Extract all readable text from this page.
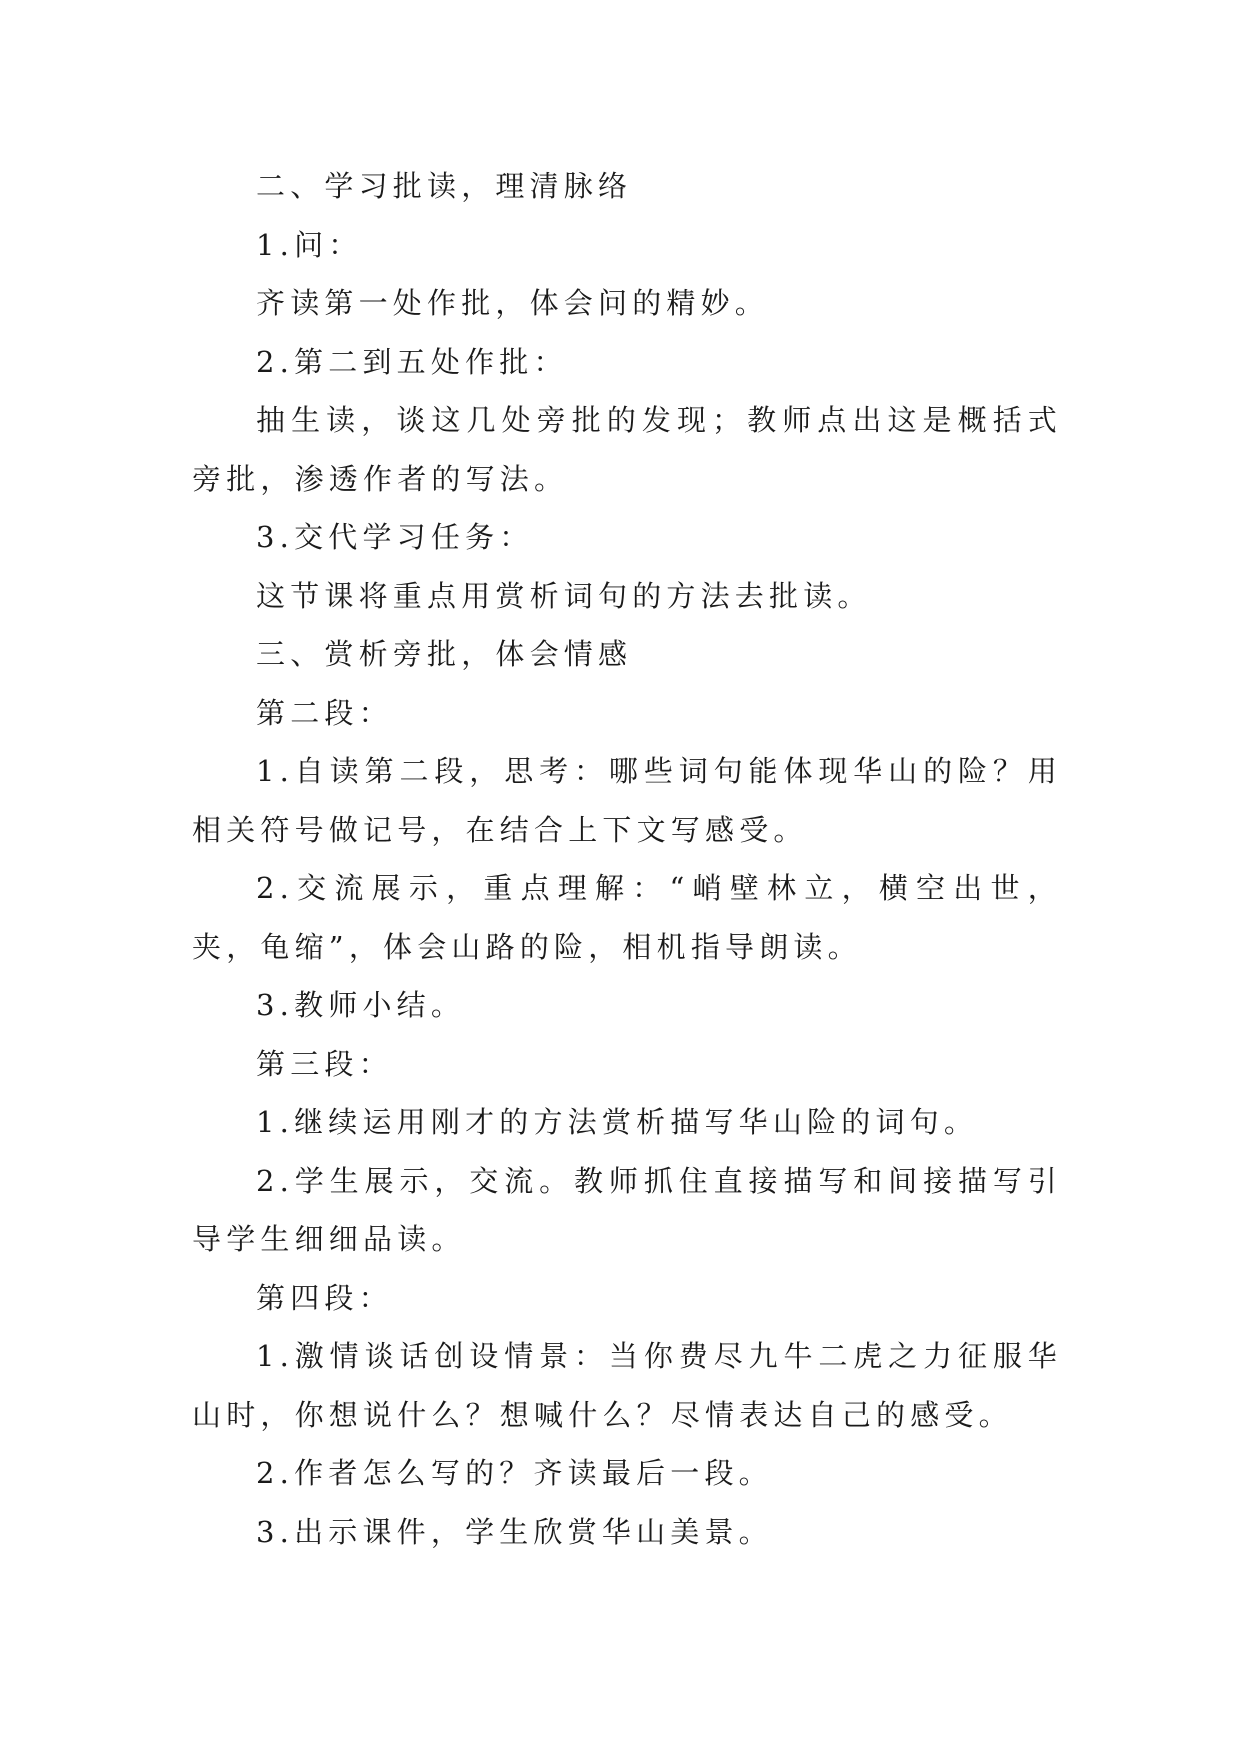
二、学习批读，理清脉络

1.问：

齐读第一处作批，体会问的精妙。

2.第二到五处作批：

抽生读，谈这几处旁批的发现；教师点出这是概括式旁批，渗透作者的写法。

3.交代学习任务：

这节课将重点用赏析词句的方法去批读。

三、赏析旁批，体会情感

第二段：

1.自读第二段，思考：哪些词句能体现华山的险？用相关符号做记号，在结合上下文写感受。

2.交流展示，重点理解：“峭壁林立，横空出世，夹，龟缩”，体会山路的险，相机指导朗读。

3.教师小结。

第三段：

1.继续运用刚才的方法赏析描写华山险的词句。

2.学生展示，交流。教师抓住直接描写和间接描写引导学生细细品读。

第四段：

1.激情谈话创设情景：当你费尽九牛二虎之力征服华山时，你想说什么？想喊什么？尽情表达自己的感受。

2.作者怎么写的？齐读最后一段。

3.出示课件，学生欣赏华山美景。
